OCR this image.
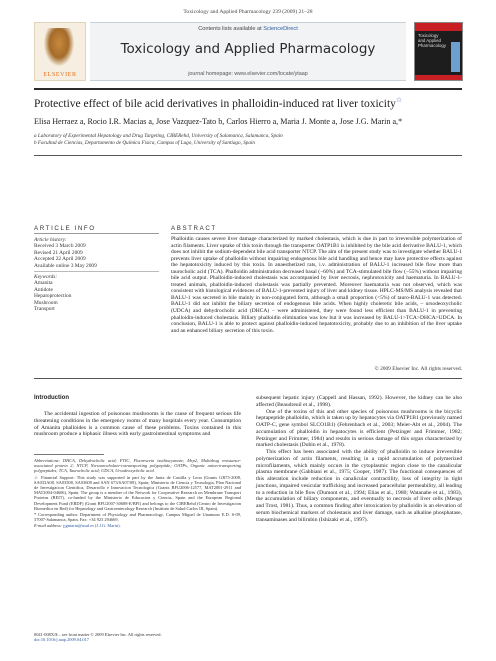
Toxicology and Applied Pharmacology 239 (2009) 21–28
ELSEVIER
Contents lists available at ScienceDirect
Toxicology and Applied Pharmacology
journal homepage: www.elsevier.com/locate/ytaap
Toxicology
and Applied
Pharmacology
Protective effect of bile acid derivatives in phalloidin-induced rat liver toxicity☆
Elisa Herraez a, Rocio I.R. Macias a, Jose Vazquez-Tato b, Carlos Hierro a, Maria J. Monte a, Jose J.G. Marin a,*
a Laboratory of Experimental Hepatology and Drug Targeting, CIBERehd, University of Salamanca, Salamanca, Spain
b Facultad de Ciencias, Departamento de Química Física, Campus of Lugo, University of Santiago, Spain
ARTICLE INFO
Article history:
Received 3 March 2009
Revised 21 April 2009
Accepted 22 April 2009
Available online 3 May 2009
Keywords:
Amanita
Antidote
Hepatoprotection
Mushroom
Transport
ABSTRACT
Phalloidin causes severe liver damage characterized by marked cholestasis, which is due in part to irreversible polymerization of actin filaments. Liver uptake of this toxin through the transporter OATP1B1 is inhibited by the bile acid derivative BALU-1, which does not inhibit the sodium-dependent bile acid transporter NTCP. The aim of the present study was to investigate whether BALU-1 prevents liver uptake of phalloidin without impairing endogenous bile acid handling and hence may have protective effects against the hepatotoxicity induced by this toxin. In anaesthetized rats, i.v. administration of BALU-1 increased bile flow more than taurocholic acid (TCA). Phalloidin administration decreased basal (−60%) and TCA-stimulated bile flow (−55%) without impairing bile acid output. Phalloidin-induced cholestasis was accompanied by liver necrosis, nephrotoxicity and haematuria. In BALU-1-treated animals, phalloidin-induced cholestasis was partially prevented. Moreover haematuria was not observed, which was consistent with histological evidences of BALU-1-prevented injury of liver and kidney tissue. HPLC-MS/MS analysis revealed that BALU-1 was secreted in bile mainly in non-conjugated form, although a small proportion (<5%) of tauro-BALU-1 was detected. BALU-1 did not inhibit the biliary secretion of endogenous bile acids. When highly choleretic bile acids, – ursodeoxycholic (UDCA) and dehydrocholic acid (DHCA) – were administered, they were found less efficient than BALU-1 in preventing phalloidin-induced cholestasis. Biliary phalloidin elimination was low but it was increased by BALU-1>TCA>DHCA>UDCA. In conclusion, BALU-1 is able to protect against phalloidin-induced hepatotoxicity, probably due to an inhibition of the liver uptake and an enhanced biliary secretion of this toxin.
© 2009 Elsevier Inc. All rights reserved.
Introduction

The accidental ingestion of poisonous mushrooms is the cause of frequent serious life threatening conditions in the emergency rooms of many hospitals every year. Consumption of Amanita phalloides is a common cause of these problems. Toxins contained in this mushroom produce a biphasic illness with early gastrointestinal symptoms and

Abbreviations: DHCA, Dehydrocholic acid; FTIC, Fluorescein isothiocyanate; Mrp2, Multidrug resistance-associated protein 2; NTCP, Na-taurocholate-cotransporting polypeptide; OATPs, Organic anion-transporting polypeptides; TCA, Taurocholic acid; UDCA, Ursodeoxycholic acid.

☆ Financial Support: This study was supported in part by the Junta de Castilla y Leon (Grants GR75-2008, SA033A08, SA03508, SA03608 and SAN 673/SA07/08), Spain; Ministerio de Ciencia y Tecnologia, Plan Nacional de Investigacion Cientifica, Desarrollo e Innovacion Tecnologica (Grants BFU2006-12577, MAT2001-2911 and MAT2004-04606), Spain. The group is a member of the Network for Cooperative Research on Membrane Transport Proteins (REIT), co-funded by the Ministerio de Educacion y Ciencia, Spain and the European Regional Development Fund (ERDF) (Grant BFU2007-30688-E/BFI) and belongs to the CIBERehd (Centro de Investigacion Biomedica en Red) for Hepatology and Gastroenterology Research (Instituto de Salud Carlos III, Spain).

* Corresponding author. Department of Physiology and Pharmacology, Campus Miguel de Unamuno E.D. S-09, 37007-Salamanca, Spain. Fax: +34 923 294669.

E-mail address: jjgmarin@usal.es (J.J.G. Marin).

0041-008X/$ – see front matter © 2009 Elsevier Inc. All rights reserved.
doi:10.1016/j.taap.2009.04.017

subsequent hepatic injury (Cappell and Hassan, 1992). However, the kidney can be also affected (Beaudreuil et al., 1998).

One of the toxins of this and other species of poisonous mushrooms is the bicyclic heptapeptide phalloidin, which is taken up by hepatocytes via OATP1B1 (previously named OATP-C, gene symbol SLCO1B1) (Fehrenbach et al., 2003; Meier-Abt et al., 2004). The accumulation of phalloidin in hepatocytes is efficient (Petzinger and Frimmer, 1982; Petzinger and Frimmer, 1984) and results in serious damage of this organ characterized by marked cholestasis (Dubin et al., 1978).

This effect has been associated with the ability of phalloidin to induce irreversible polymerization of actin filaments, resulting in a rapid accumulation of polymerized microfilaments, which mainly occurs in the cytoplasmic region close to the canalicular plasma membrane (Gabbiani et al., 1975; Cooper, 1987). The functional consequences of this alteration include reduction in canalicular contractility, loss of integrity in tight junctions, impaired vesicular trafficking and increased paracellular permeability, all leading to a reduction in bile flow (Dumont et al., 1994; Elias et al., 1980; Watanabe et al., 1983), the accumulation of biliary components, and eventually to necrosis of liver cells (Mengs and Trost, 1981). Thus, a common finding after intoxication by phalloidin is an elevation of serum biochemical markers of cholestasis and liver damage, such as alkaline phosphatase, transaminases and bilirubin (Ishizaki et al., 1997).
